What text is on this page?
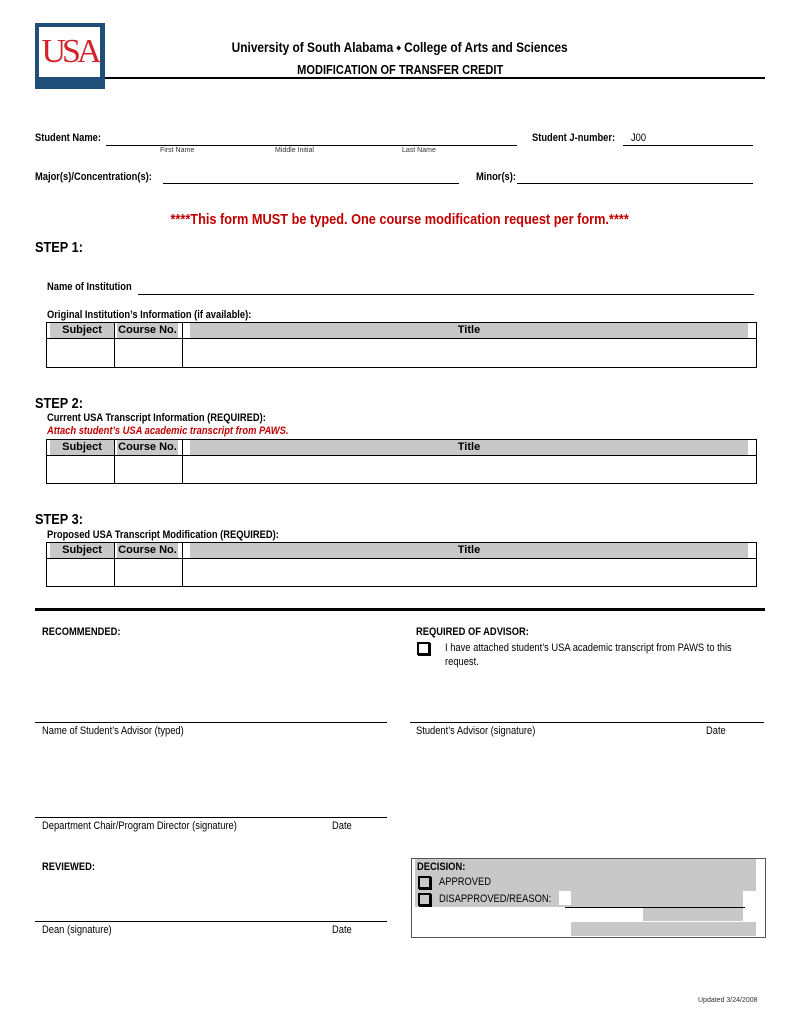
USA	University of South Alabama ⬩ College of Arts and Sciences
MODIFICATION OF TRANSFER CREDIT
Student Name:
First Name	Middle Initial	Last Name
Student J-number:	J00
Major(s)/Concentration(s):	Minor(s):
****This form MUST be typed. One course modification request per form.****
STEP 1:
Name of Institution
Original Institution’s Information (if available):
Subject	Course No.	Title
STEP 2:
Current USA Transcript Information (REQUIRED):
Attach student’s USA academic transcript from PAWS.
Subject	Course No.	Title
STEP 3:
Proposed USA Transcript Modification (REQUIRED):
Subject	Course No.	Title
RECOMMENDED:	REQUIRED OF ADVISOR:
I have attached student’s USA academic transcript from PAWS to this
request.
Name of Student’s Advisor (typed)	Student’s Advisor (signature)	Date
Department Chair/Program Director (signature)	Date
REVIEWED:
Dean (signature)	Date
DECISION:
APPROVED
DISAPPROVED/REASON:
Updated 3/24/2008
